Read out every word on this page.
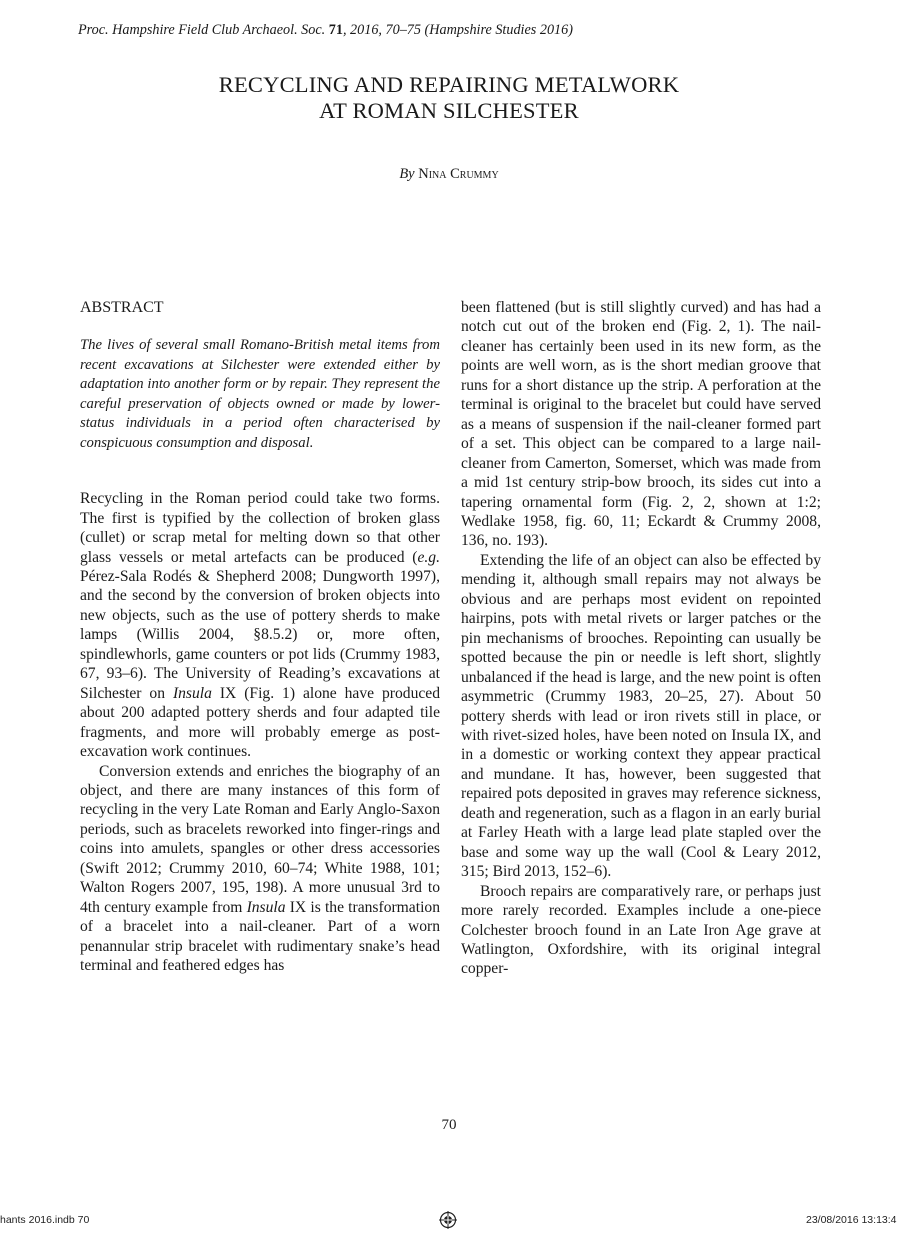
Proc. Hampshire Field Club Archaeol. Soc. 71, 2016, 70–75 (Hampshire Studies 2016)
RECYCLING AND REPAIRING METALWORK
AT ROMAN SILCHESTER
By Nina Crummy
ABSTRACT

The lives of several small Romano-British metal items from recent excavations at Silchester were extended either by adaptation into another form or by repair. They represent the careful preservation of objects owned or made by lower-status individuals in a period often characterised by conspicuous consumption and disposal.

Recycling in the Roman period could take two forms. The first is typified by the collection of broken glass (cullet) or scrap metal for melting down so that other glass vessels or metal artefacts can be produced (e.g. Pérez-Sala Rodés & Shepherd 2008; Dungworth 1997), and the second by the conversion of broken objects into new objects, such as the use of pottery sherds to make lamps (Willis 2004, §8.5.2) or, more often, spindlewhorls, game counters or pot lids (Crummy 1983, 67, 93–6). The University of Reading’s excavations at Silchester on Insula IX (Fig. 1) alone have produced about 200 adapted pottery sherds and four adapted tile fragments, and more will probably emerge as post-excavation work continues.

Conversion extends and enriches the biography of an object, and there are many instances of this form of recycling in the very Late Roman and Early Anglo-Saxon periods, such as bracelets reworked into finger-rings and coins into amulets, spangles or other dress accessories (Swift 2012; Crummy 2010, 60–74; White 1988, 101; Walton Rogers 2007, 195, 198). A more unusual 3rd to 4th century example from Insula IX is the transformation of a bracelet into a nail-cleaner. Part of a worn penannular strip bracelet with rudimentary snake’s head terminal and feathered edges has

been flattened (but is still slightly curved) and has had a notch cut out of the broken end (Fig. 2, 1). The nail-cleaner has certainly been used in its new form, as the points are well worn, as is the short median groove that runs for a short distance up the strip. A perforation at the terminal is original to the bracelet but could have served as a means of suspension if the nail-cleaner formed part of a set. This object can be compared to a large nail-cleaner from Camerton, Somerset, which was made from a mid 1st century strip-bow brooch, its sides cut into a tapering ornamental form (Fig. 2, 2, shown at 1:2; Wedlake 1958, fig. 60, 11; Eckardt & Crummy 2008, 136, no. 193).

Extending the life of an object can also be effected by mending it, although small repairs may not always be obvious and are perhaps most evident on repointed hairpins, pots with metal rivets or larger patches or the pin mechanisms of brooches. Repointing can usually be spotted because the pin or needle is left short, slightly unbalanced if the head is large, and the new point is often asymmetric (Crummy 1983, 20–25, 27). About 50 pottery sherds with lead or iron rivets still in place, or with rivet-sized holes, have been noted on Insula IX, and in a domestic or working context they appear practical and mundane. It has, however, been suggested that repaired pots deposited in graves may reference sickness, death and regeneration, such as a flagon in an early burial at Farley Heath with a large lead plate stapled over the base and some way up the wall (Cool & Leary 2012, 315; Bird 2013, 152–6).

Brooch repairs are comparatively rare, or perhaps just more rarely recorded. Examples include a one-piece Colchester brooch found in an Late Iron Age grave at Watlington, Oxfordshire, with its original integral copper-

70
hants 2016.indb 70	23/08/2016 13:13:4
